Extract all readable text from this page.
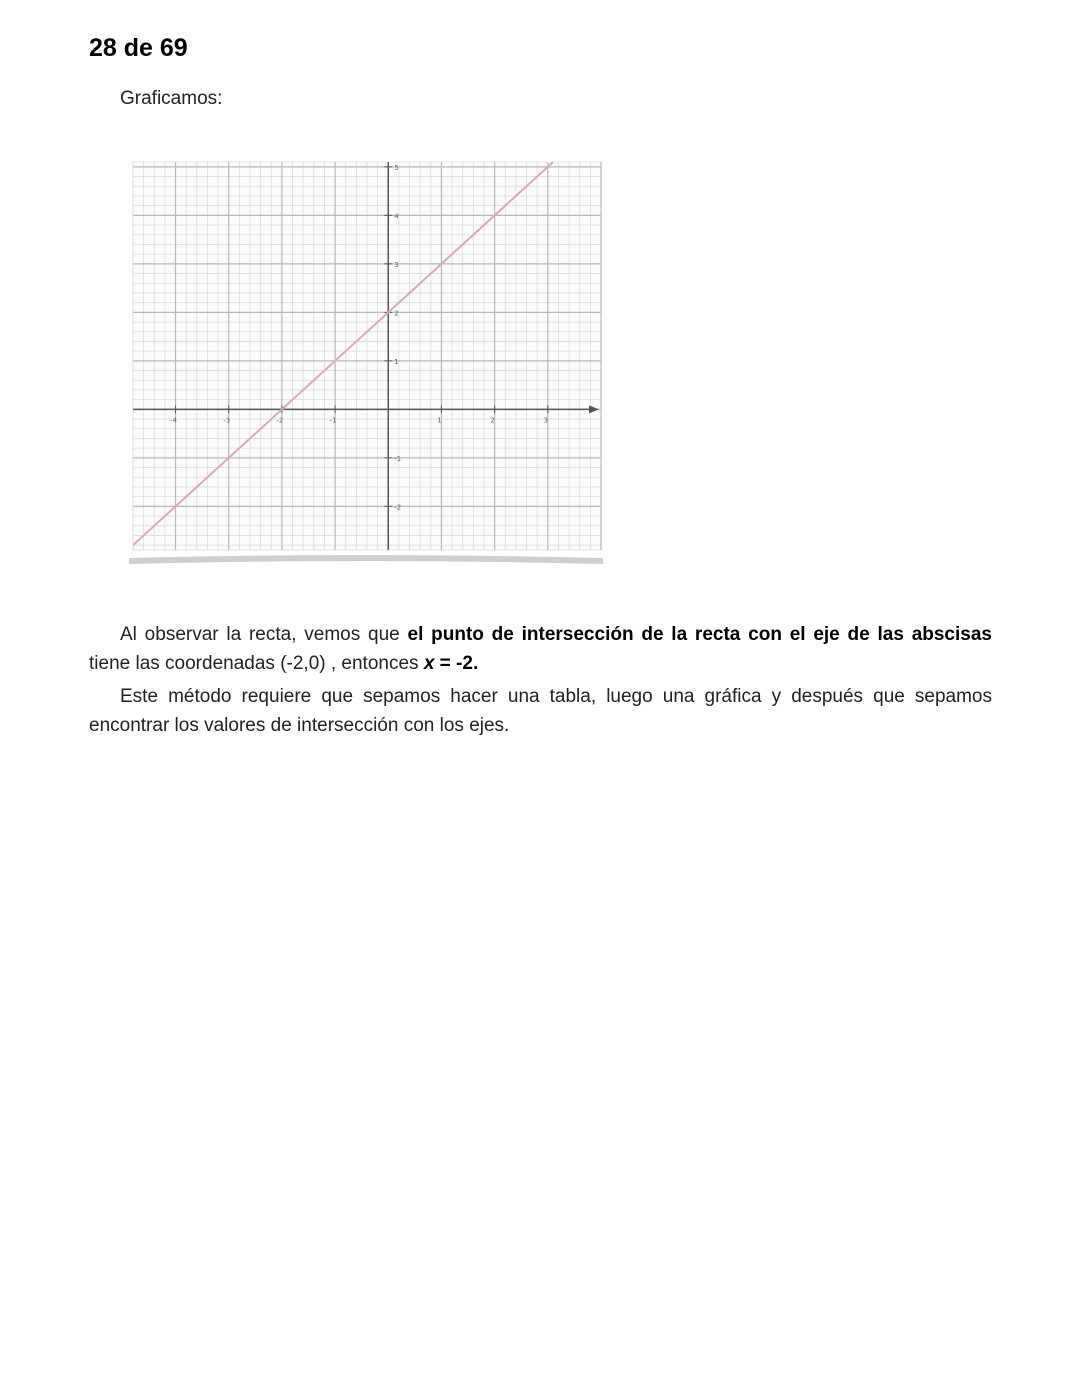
28 de 69
Graficamos:
-4	-3	-2	-1	1	2	3
-2
-1
1
2
3
4
5

Al observar la recta, vemos que el punto de intersección de la recta con el eje de las abscisas tiene las coordenadas (-2,0) , entonces x = -2.

Este método requiere que sepamos hacer una tabla, luego una gráfica y después que sepamos encontrar los valores de intersección con los ejes.
